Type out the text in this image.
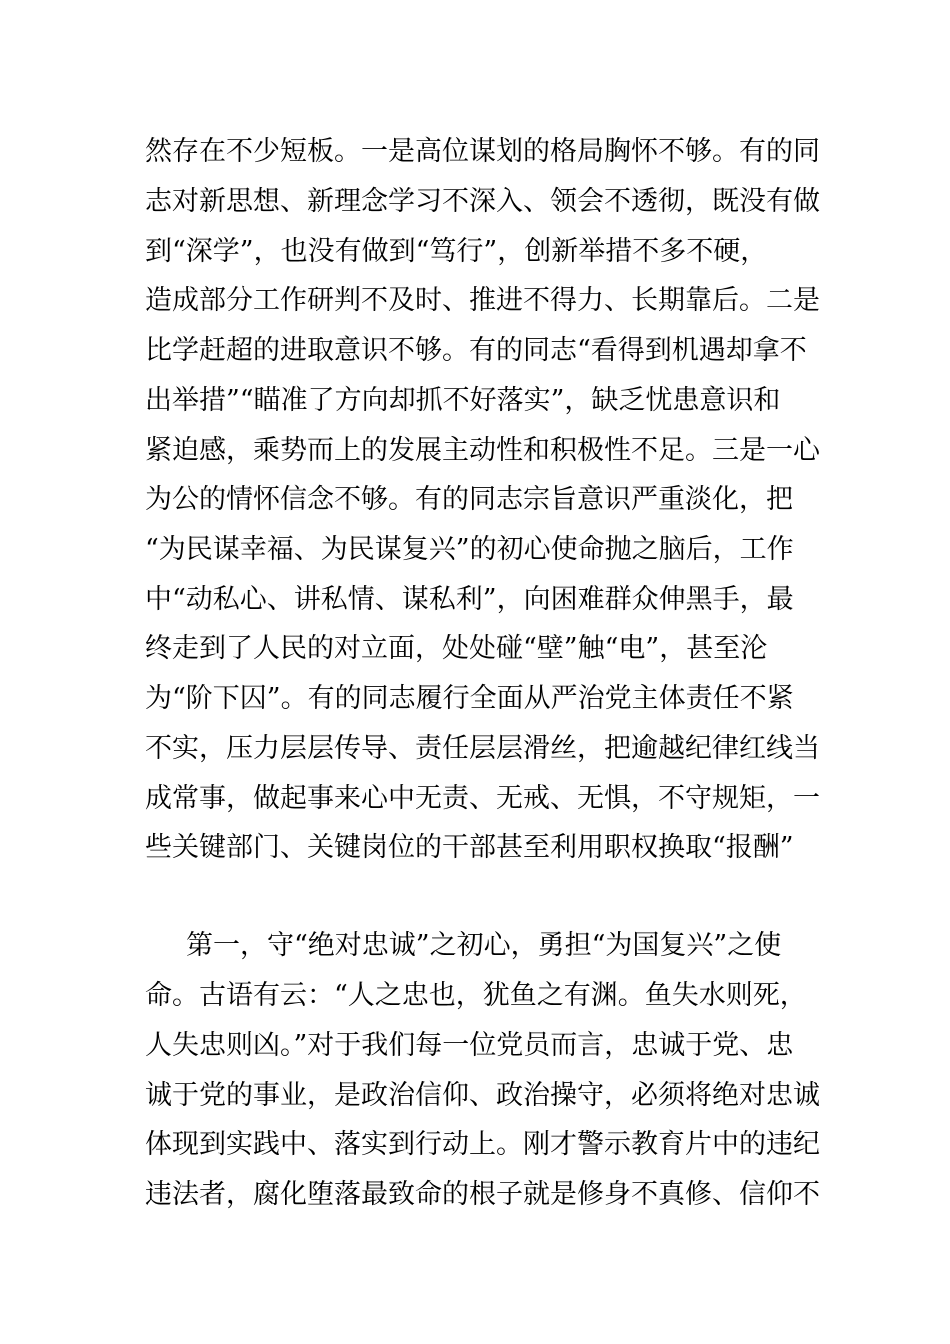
然存在不少短板。一是高位谋划的格局胸怀不够。有的同
志对新思想、新理念学习不深入、领会不透彻，既没有做
到“深学”，也没有做到“笃行”，创新举措不多不硬，
造成部分工作研判不及时、推进不得力、长期靠后。二是
比学赶超的进取意识不够。有的同志“看得到机遇却拿不
出举措”“瞄准了方向却抓不好落实”，缺乏忧患意识和
紧迫感，乘势而上的发展主动性和积极性不足。三是一心
为公的情怀信念不够。有的同志宗旨意识严重淡化，把
“为民谋幸福、为民谋复兴”的初心使命抛之脑后，工作
中“动私心、讲私情、谋私利”，向困难群众伸黑手，最
终走到了人民的对立面，处处碰“壁”触“电”，甚至沦
为“阶下囚”。有的同志履行全面从严治党主体责任不紧
不实，压力层层传导、责任层层滑丝，把逾越纪律红线当
成常事，做起事来心中无责、无戒、无惧，不守规矩，一
些关键部门、关键岗位的干部甚至利用职权换取“报酬”
第一，守“绝对忠诚”之初心，勇担“为国复兴”之使
命。古语有云：“人之忠也，犹鱼之有渊。鱼失水则死，
人失忠则凶。”对于我们每一位党员而言，忠诚于党、忠
诚于党的事业，是政治信仰、政治操守，必须将绝对忠诚
体现到实践中、落实到行动上。刚才警示教育片中的违纪
违法者，腐化堕落最致命的根子就是修身不真修、信仰不
